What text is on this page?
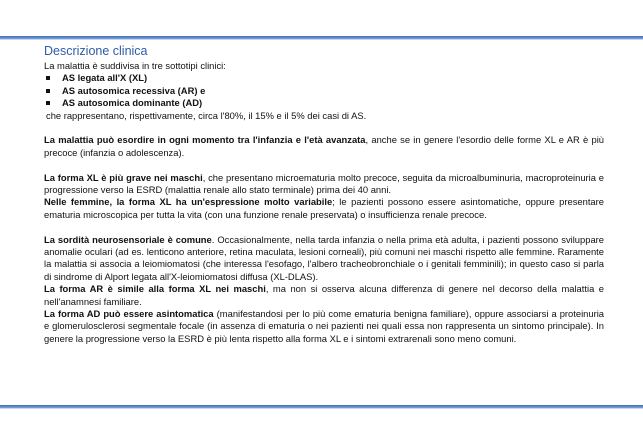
Descrizione clinica

La malattia è suddivisa in tre sottotipi clinici:

AS legata all'X (XL)
AS autosomica recessiva (AR) e
AS autosomica dominante (AD)

che rappresentano, rispettivamente, circa l'80%, il 15% e il 5% dei casi di AS.

La malattia può esordire in ogni momento tra l'infanzia e l'età avanzata, anche se in genere l'esordio delle forme XL e AR è più precoce (infanzia o adolescenza).

La forma XL è più grave nei maschi, che presentano microematuria molto precoce, seguita da microalbuminuria, macroproteinuria e progressione verso la ESRD (malattia renale allo stato terminale) prima dei 40 anni.

Nelle femmine, la forma XL ha un'espressione molto variabile; le pazienti possono essere asintomatiche, oppure presentare ematuria microscopica per tutta la vita (con una funzione renale preservata) o insufficienza renale precoce.

La sordità neurosensoriale è comune. Occasionalmente, nella tarda infanzia o nella prima età adulta, i pazienti possono sviluppare anomalie oculari (ad es. lenticono anteriore, retina maculata, lesioni corneali), più comuni nei maschi rispetto alle femmine. Raramente la malattia si associa a leiomiomatosi (che interessa l'esofago, l'albero tracheobronchiale o i genitali femminili); in questo caso si parla di sindrome di Alport legata all'X-leiomiomatosi diffusa (XL-DLAS).

La forma AR è simile alla forma XL nei maschi, ma non si osserva alcuna differenza di genere nel decorso della malattia e nell'anamnesi familiare.

La forma AD può essere asintomatica (manifestandosi per lo più come ematuria benigna familiare), oppure associarsi a proteinuria e glomerulosclerosi segmentale focale (in assenza di ematuria o nei pazienti nei quali essa non rappresenta un sintomo principale). In genere la progressione verso la ESRD è più lenta rispetto alla forma XL e i sintomi extrarenali sono meno comuni.
